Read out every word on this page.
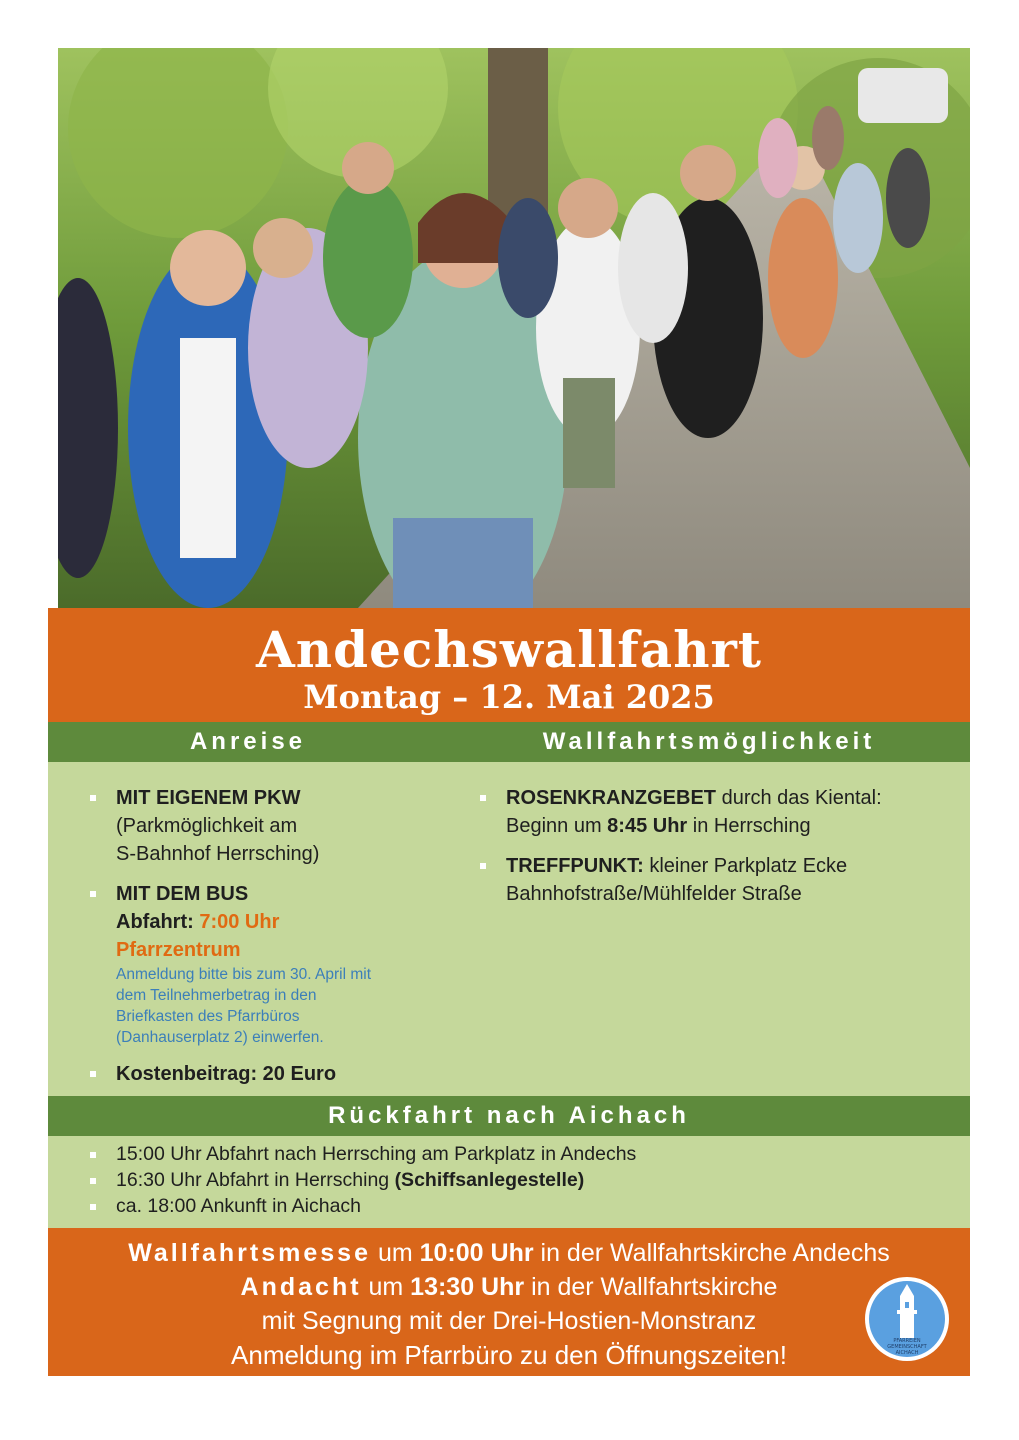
Andechswallfahrt
Montag – 12. Mai 2025
Anreise	Wallfahrtsmöglichkeit
MIT EIGENEM PKW
(Parkmöglichkeit am
S-Bahnhof Herrsching)
MIT DEM BUS
Abfahrt: 7:00 Uhr
Pfarrzentrum
Anmeldung bitte bis zum 30. April mit
dem Teilnehmerbetrag in den
Briefkasten des Pfarrbüros
(Danhauserplatz 2) einwerfen.
Kostenbeitrag: 20 Euro
ROSENKRANZGEBET durch das Kiental:
Beginn um 8:45 Uhr in Herrsching
TREFFPUNKT: kleiner Parkplatz Ecke
Bahnhofstraße/Mühlfelder Straße
Rückfahrt nach Aichach
15:00 Uhr Abfahrt nach Herrsching am Parkplatz in Andechs
16:30 Uhr Abfahrt in Herrsching (Schiffsanlegestelle)
ca. 18:00 Ankunft in Aichach
Wallfahrtsmesse um 10:00 Uhr in der Wallfahrtskirche Andechs
Andacht um 13:30 Uhr in der Wallfahrtskirche
mit Segnung mit der Drei-Hostien-Monstranz
Anmeldung im Pfarrbüro zu den Öffnungszeiten!	PFARREIEN
GEMEINSCHAFT
AICHACH
